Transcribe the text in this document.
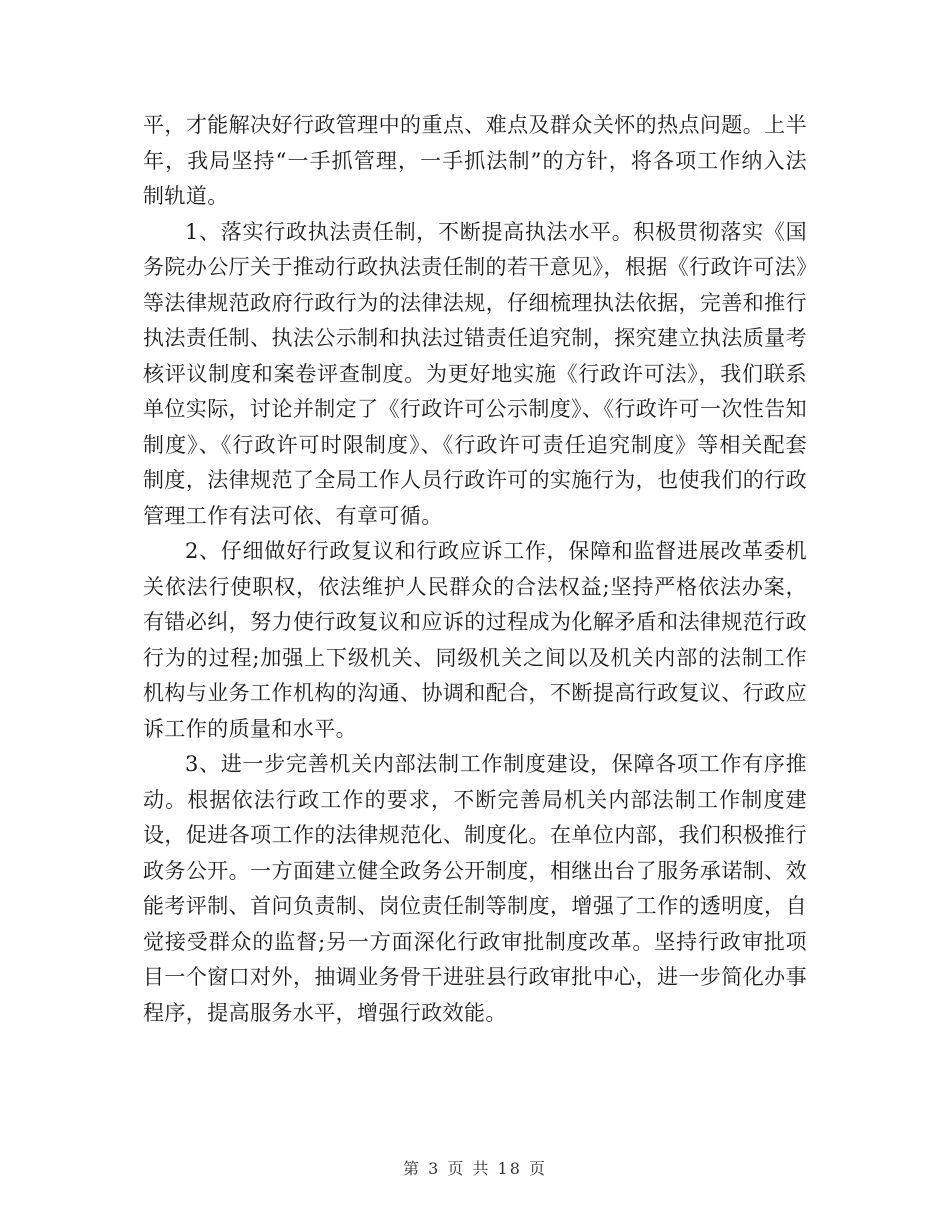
平，才能解决好行政管理中的重点、难点及群众关怀的热点问题。上半年，我局坚持“一手抓管理，一手抓法制”的方针，将各项工作纳入法制轨道。

1、落实行政执法责任制，不断提高执法水平。积极贯彻落实《国务院办公厅关于推动行政执法责任制的若干意见》，根据《行政许可法》等法律规范政府行政行为的法律法规，仔细梳理执法依据，完善和推行执法责任制、执法公示制和执法过错责任追究制，探究建立执法质量考核评议制度和案卷评查制度。为更好地实施《行政许可法》，我们联系单位实际，讨论并制定了《行政许可公示制度》、《行政许可一次性告知制度》、《行政许可时限制度》、《行政许可责任追究制度》等相关配套制度，法律规范了全局工作人员行政许可的实施行为，也使我们的行政管理工作有法可依、有章可循。

2、仔细做好行政复议和行政应诉工作，保障和监督进展改革委机关依法行使职权，依法维护人民群众的合法权益;坚持严格依法办案，有错必纠，努力使行政复议和应诉的过程成为化解矛盾和法律规范行政行为的过程;加强上下级机关、同级机关之间以及机关内部的法制工作机构与业务工作机构的沟通、协调和配合，不断提高行政复议、行政应诉工作的质量和水平。

3、进一步完善机关内部法制工作制度建设，保障各项工作有序推动。根据依法行政工作的要求，不断完善局机关内部法制工作制度建设，促进各项工作的法律规范化、制度化。在单位内部，我们积极推行政务公开。一方面建立健全政务公开制度，相继出台了服务承诺制、效能考评制、首问负责制、岗位责任制等制度，增强了工作的透明度，自觉接受群众的监督;另一方面深化行政审批制度改革。坚持行政审批项目一个窗口对外，抽调业务骨干进驻县行政审批中心，进一步简化办事程序，提高服务水平，增强行政效能。

第 3 页 共 18 页
